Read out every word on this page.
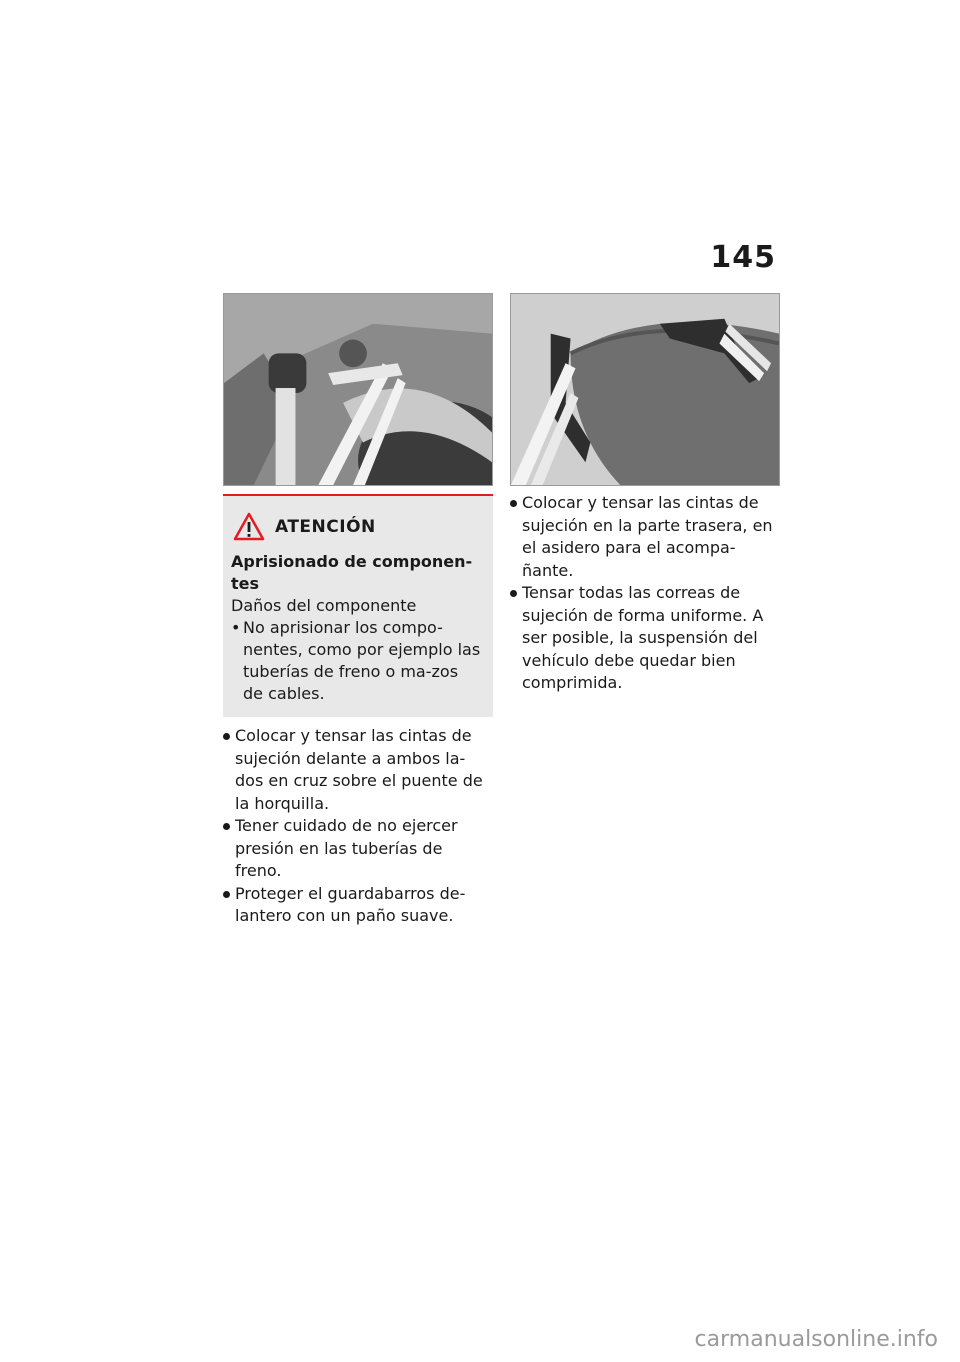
145
ATENCIÓN
Aprisionado de componen-tes
Daños del componente
• No aprisionar los compo-nentes, como por ejemplo las tuberías de freno o ma-zos de cables.
Colocar y tensar las cintas de sujeción delante a ambos la-dos en cruz sobre el puente de la horquilla.
Tener cuidado de no ejercer presión en las tuberías de freno.
Proteger el guardabarros de-lantero con un paño suave.
Colocar y tensar las cintas de sujeción en la parte trasera, en el asidero para el acompa-ñante.
Tensar todas las correas de sujeción de forma uniforme. A ser posible, la suspensión del vehículo debe quedar bien comprimida.
carmanualsonline.info
